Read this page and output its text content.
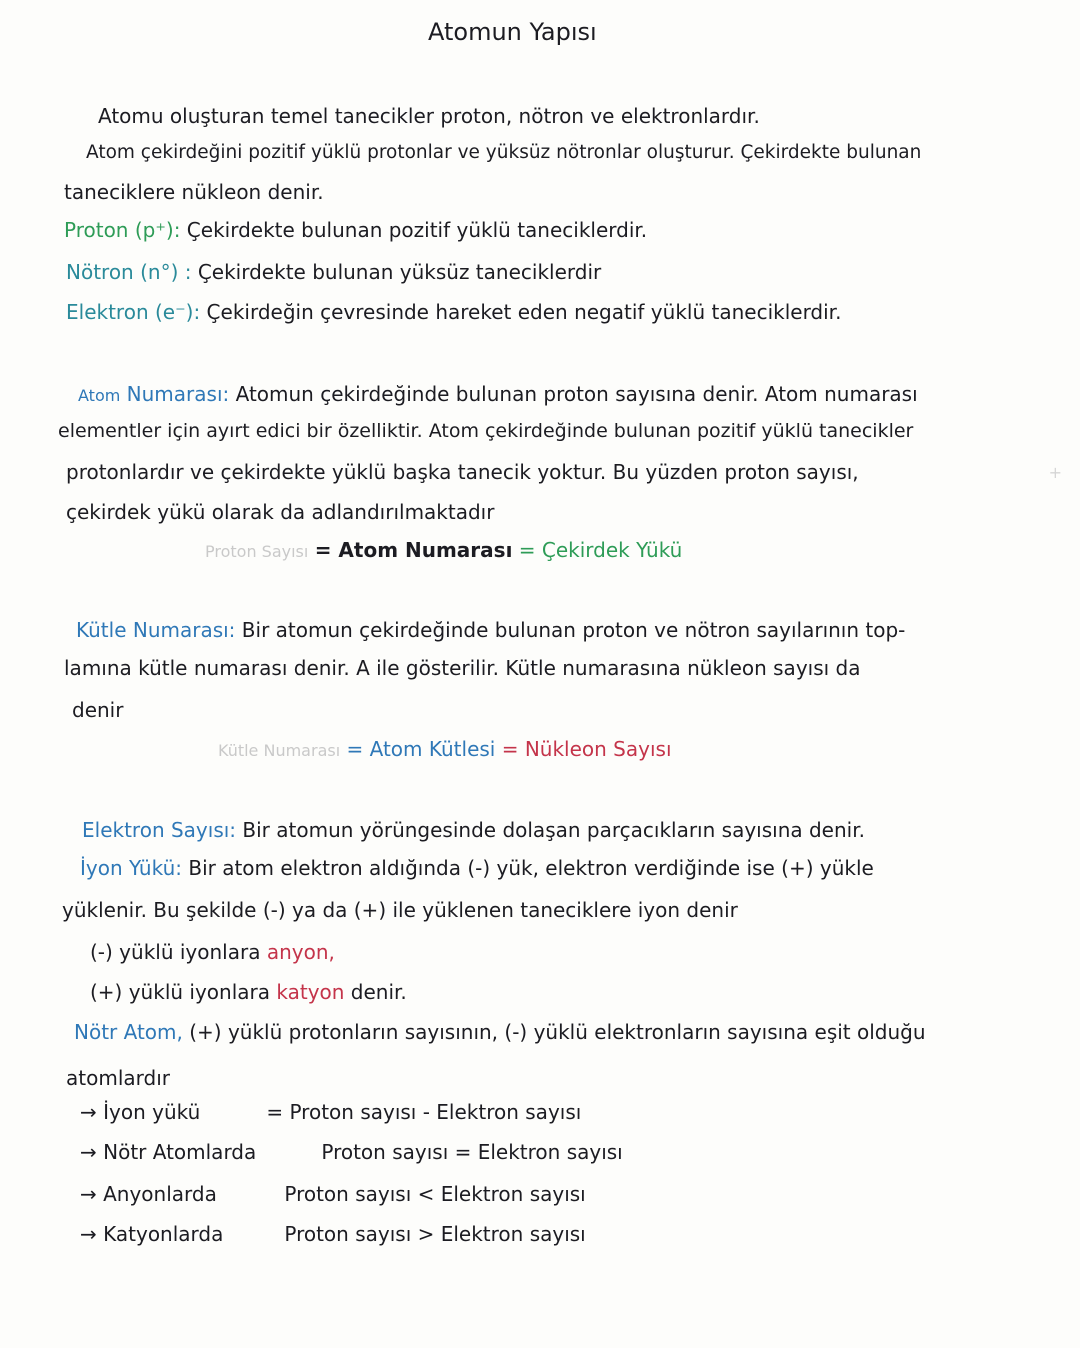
Atomun Yapısı
Atomu oluşturan temel tanecikler proton, nötron ve elektronlardır.
Atom çekirdeğini pozitif yüklü protonlar ve yüksüz nötronlar oluşturur. Çekirdekte bulunan
taneciklere nükleon denir.
Proton (p⁺): Çekirdekte bulunan pozitif yüklü taneciklerdir.
Nötron (n°) : Çekirdekte bulunan yüksüz taneciklerdir
Elektron (e⁻): Çekirdeğin çevresinde hareket eden negatif yüklü taneciklerdir.
Atom Numarası: Atomun çekirdeğinde bulunan proton sayısına denir. Atom numarası
elementler için ayırt edici bir özelliktir. Atom çekirdeğinde bulunan pozitif yüklü tanecikler
protonlardır ve çekirdekte yüklü başka tanecik yoktur. Bu yüzden proton sayısı,
çekirdek yükü olarak da adlandırılmaktadır
Proton Sayısı = Atom Numarası = Çekirdek Yükü
Kütle Numarası: Bir atomun çekirdeğinde bulunan proton ve nötron sayılarının top-
lamına kütle numarası denir. A ile gösterilir. Kütle numarasına nükleon sayısı da
denir
Kütle Numarası = Atom Kütlesi = Nükleon Sayısı
Elektron Sayısı: Bir atomun yörüngesinde dolaşan parçacıkların sayısına denir.
İyon Yükü: Bir atom elektron aldığında (-) yük, elektron verdiğinde ise (+) yükle
yüklenir. Bu şekilde (-) ya da (+) ile yüklenen taneciklere iyon denir
(-) yüklü iyonlara anyon,
(+) yüklü iyonlara katyon denir.
Nötr Atom, (+) yüklü protonların sayısının, (-) yüklü elektronların sayısına eşit olduğu
atomlardır
→ İyon yükü	= Proton sayısı - Elektron sayısı
→ Nötr Atomlarda	Proton sayısı = Elektron sayısı
→ Anyonlarda	Proton sayısı < Elektron sayısı
→ Katyonlarda	Proton sayısı > Elektron sayısı
+
